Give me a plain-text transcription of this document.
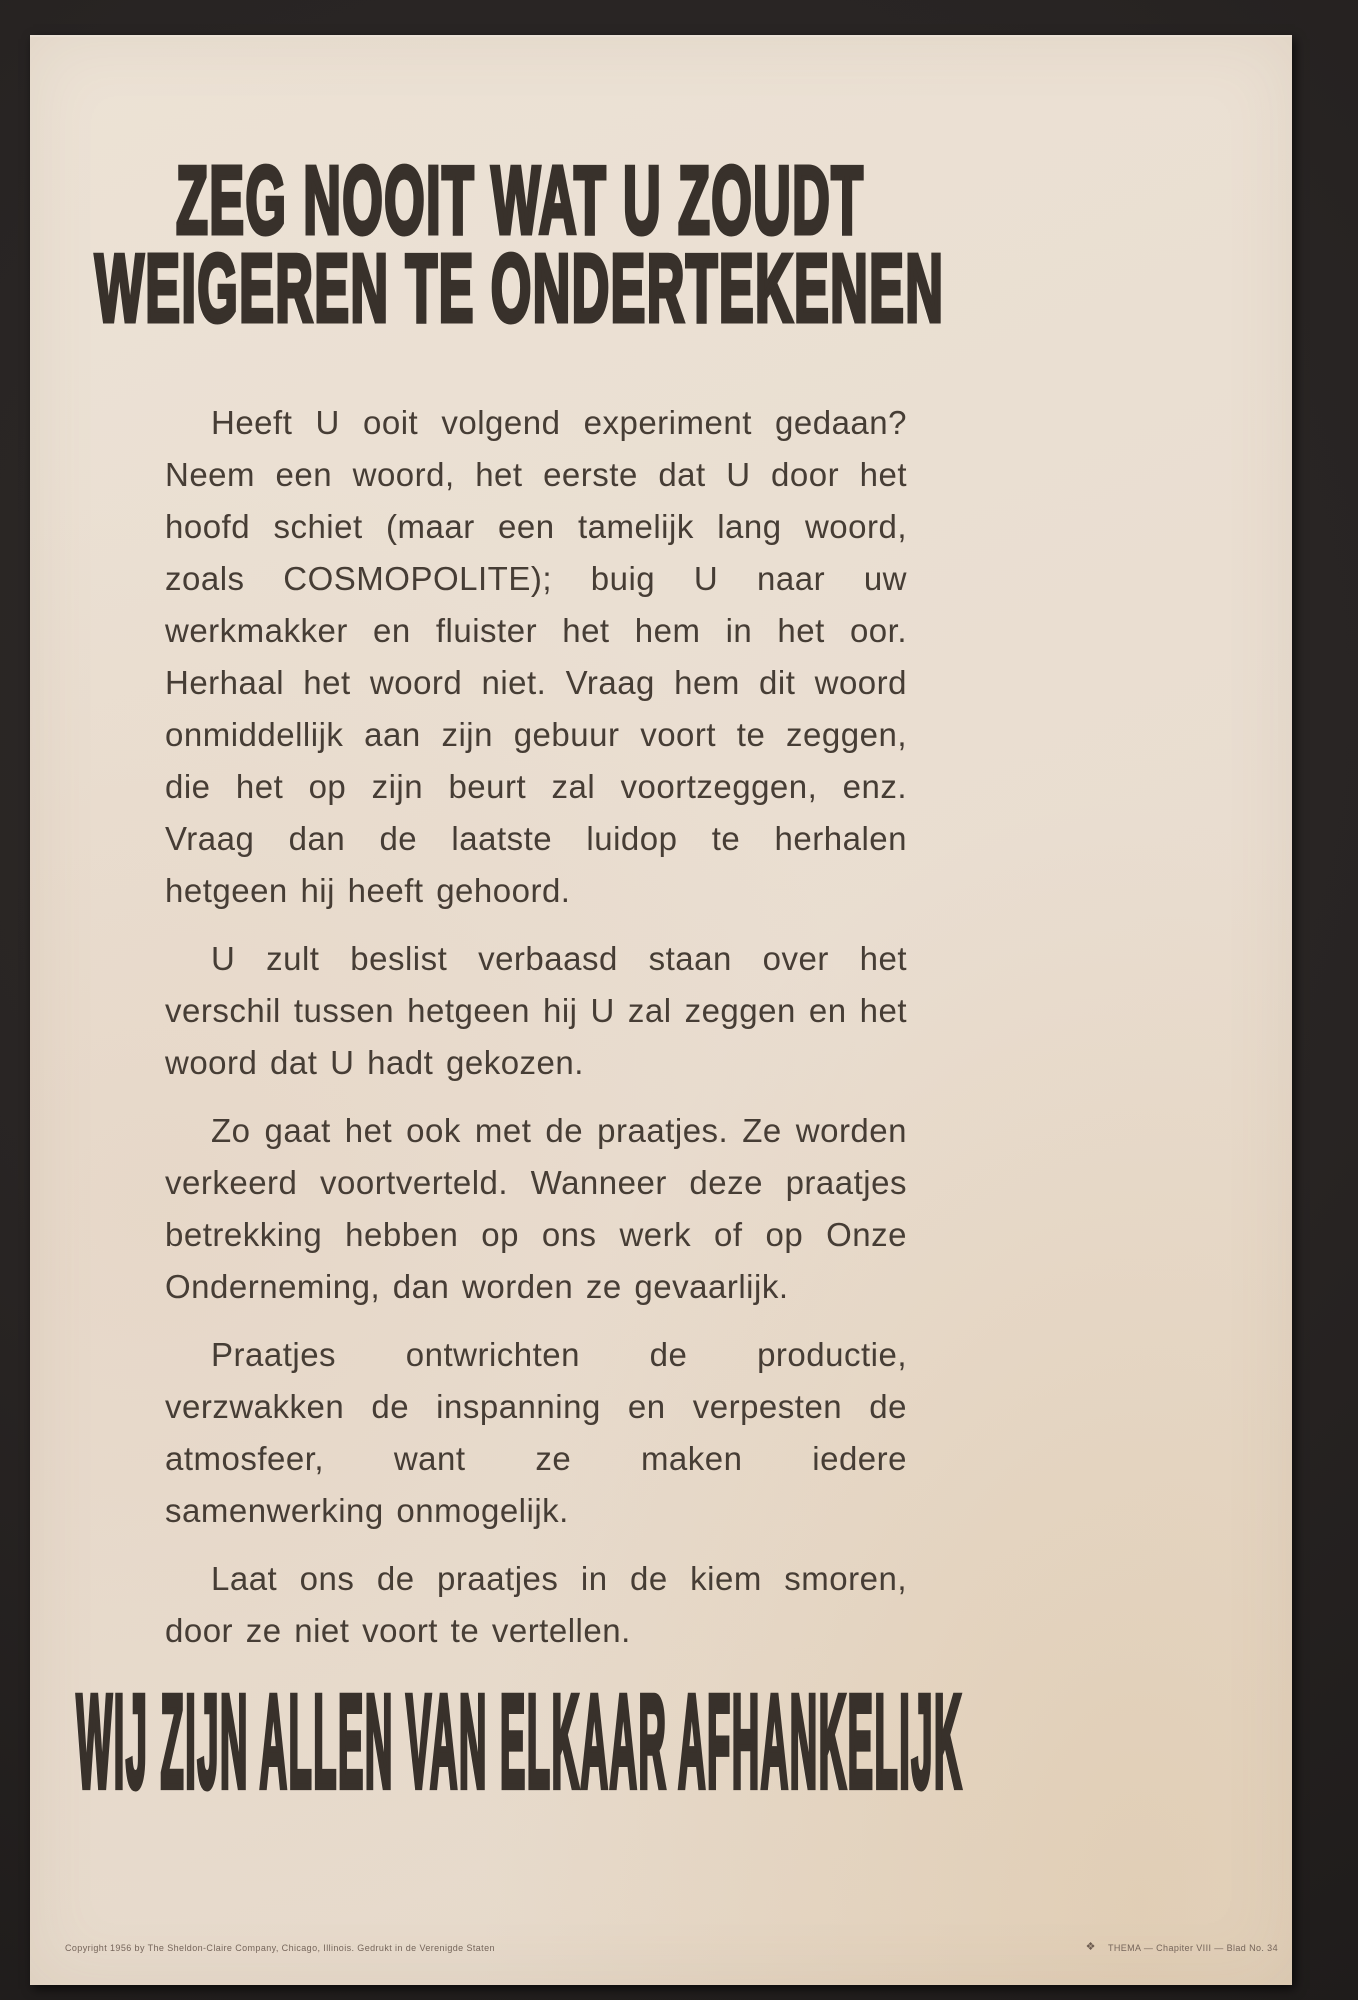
ZEG NOOIT WAT U ZOUDT
WEIGEREN TE ONDERTEKENEN

Heeft U ooit volgend experiment gedaan? Neem een woord, het eerste dat U door het hoofd schiet (maar een tamelijk lang woord, zoals COSMOPOLITE); buig U naar uw werkmakker en fluister het hem in het oor. Herhaal het woord niet. Vraag hem dit woord onmiddellijk aan zijn gebuur voort te zeggen, die het op zijn beurt zal voortzeggen, enz. Vraag dan de laatste luidop te herhalen hetgeen hij heeft gehoord.

U zult beslist verbaasd staan over het verschil tussen hetgeen hij U zal zeggen en het woord dat U hadt gekozen.

Zo gaat het ook met de praatjes. Ze worden verkeerd voortverteld. Wanneer deze praatjes betrekking hebben op ons werk of op Onze Onderneming, dan worden ze gevaarlijk.

Praatjes ontwrichten de productie, verzwakken de inspanning en verpesten de atmosfeer, want ze maken iedere samenwerking onmogelijk.

Laat ons de praatjes in de kiem smoren, door ze niet voort te vertellen.

WIJ ZIJN ALLEN VAN ELKAAR AFHANKELIJK
Copyright 1956 by The Sheldon-Claire Company, Chicago, Illinois. Gedrukt in de Verenigde Staten	❖ THEMA — Chapiter VIII — Blad No. 34
